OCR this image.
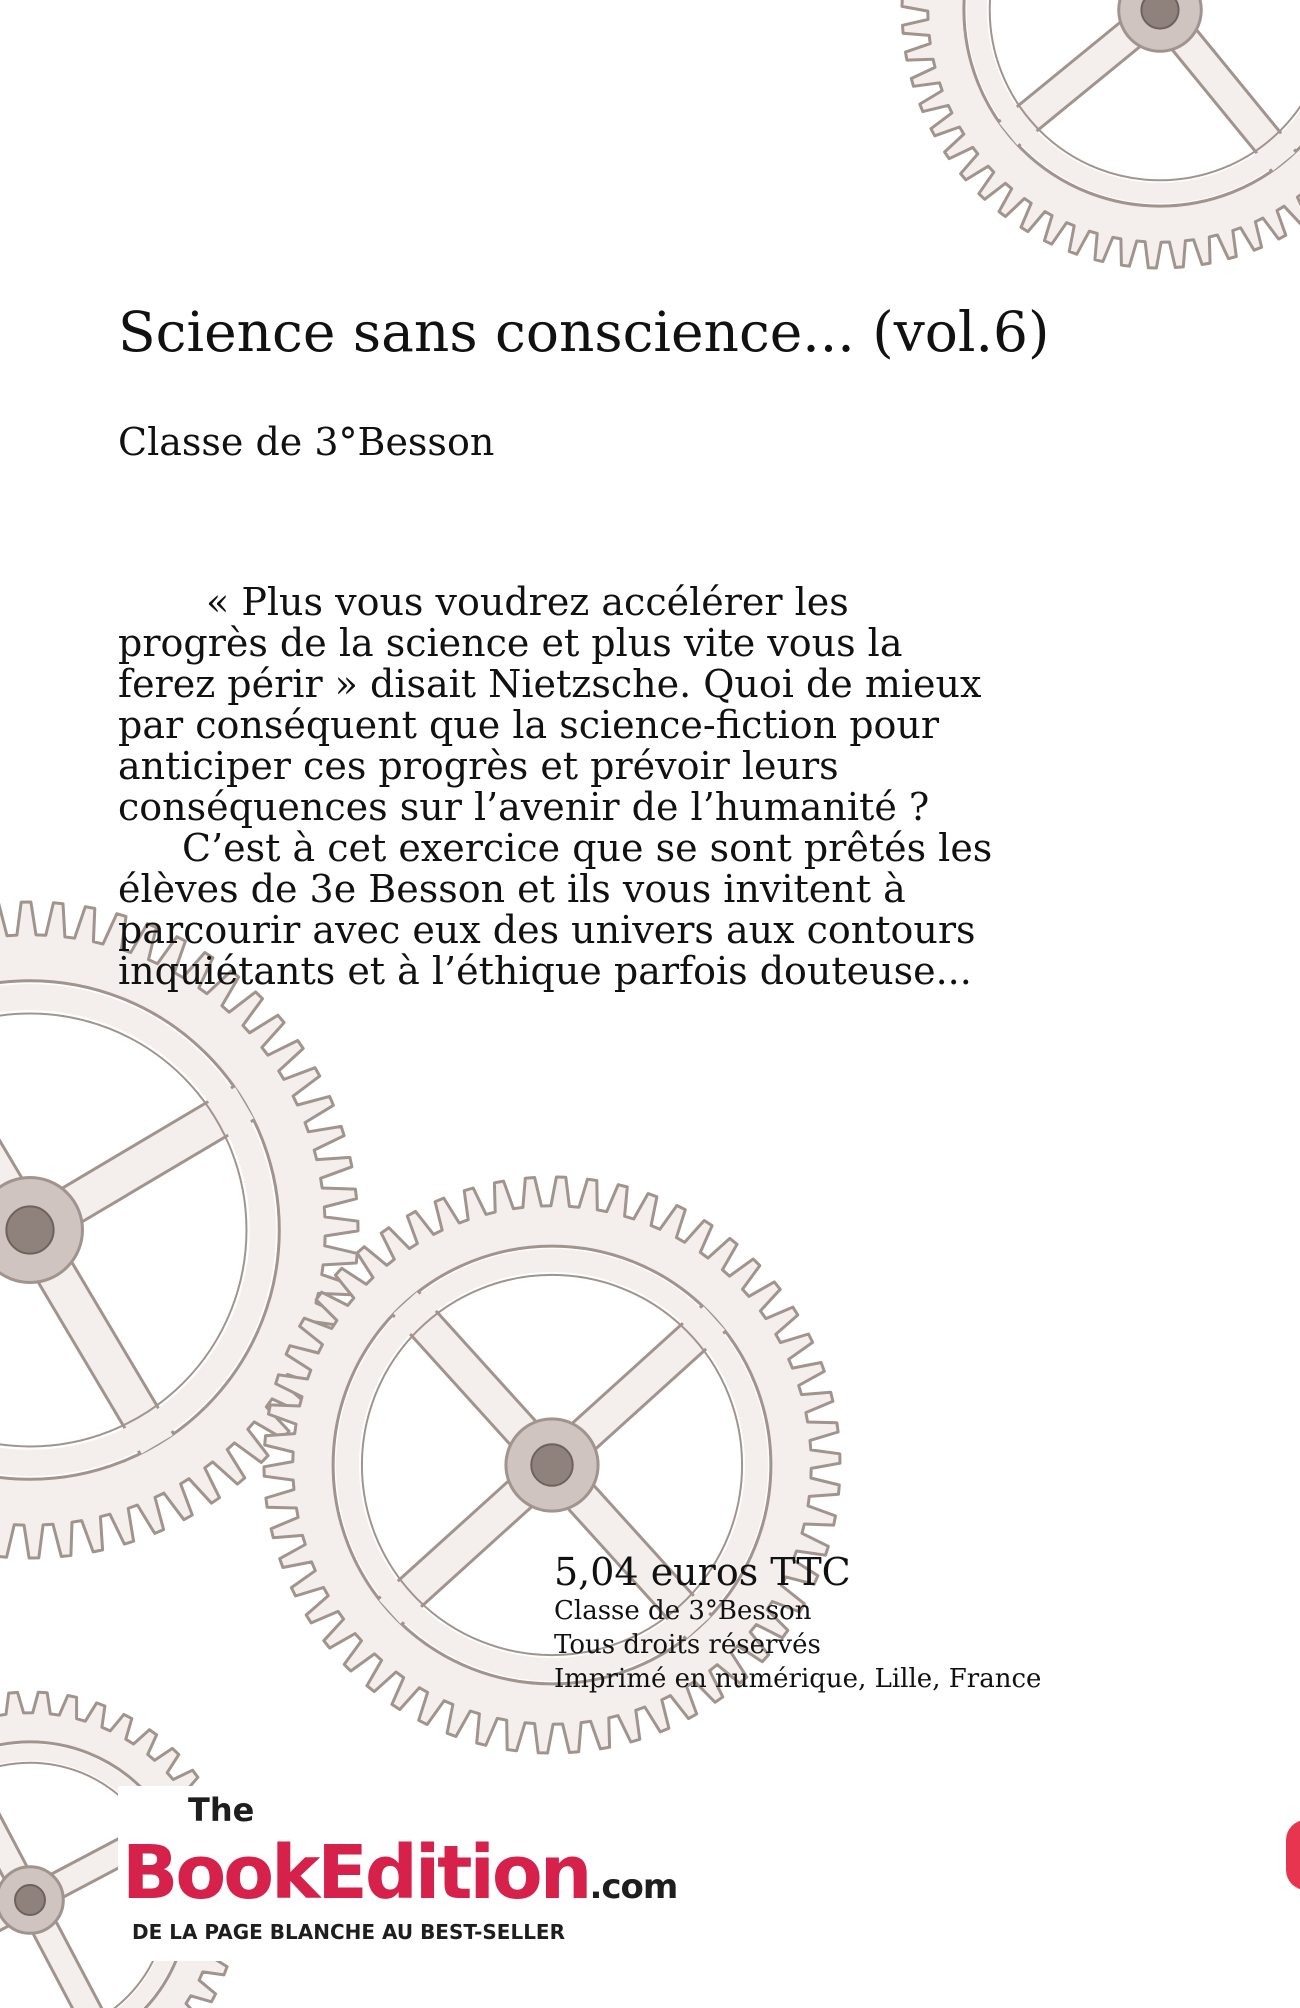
Science sans conscience... (vol.6)
Classe de 3°Besson

« Plus vous voudrez accélérer les progrès de la science et plus vite vous la ferez périr » disait Nietzsche. Quoi de mieux par conséquent que la science-fiction pour anticiper ces progrès et prévoir leurs conséquences sur l’avenir de l’humanité ?

C’est à cet exercice que se sont prêtés les élèves de 3e Besson et ils vous invitent à parcourir avec eux des univers aux contours inquiétants et à l’éthique parfois douteuse...

5,04 euros TTC
Classe de 3°Besson
Tous droits réservés
Imprimé en numérique, Lille, France
The
BookEdition.com
DE LA PAGE BLANCHE AU BEST-SELLER
